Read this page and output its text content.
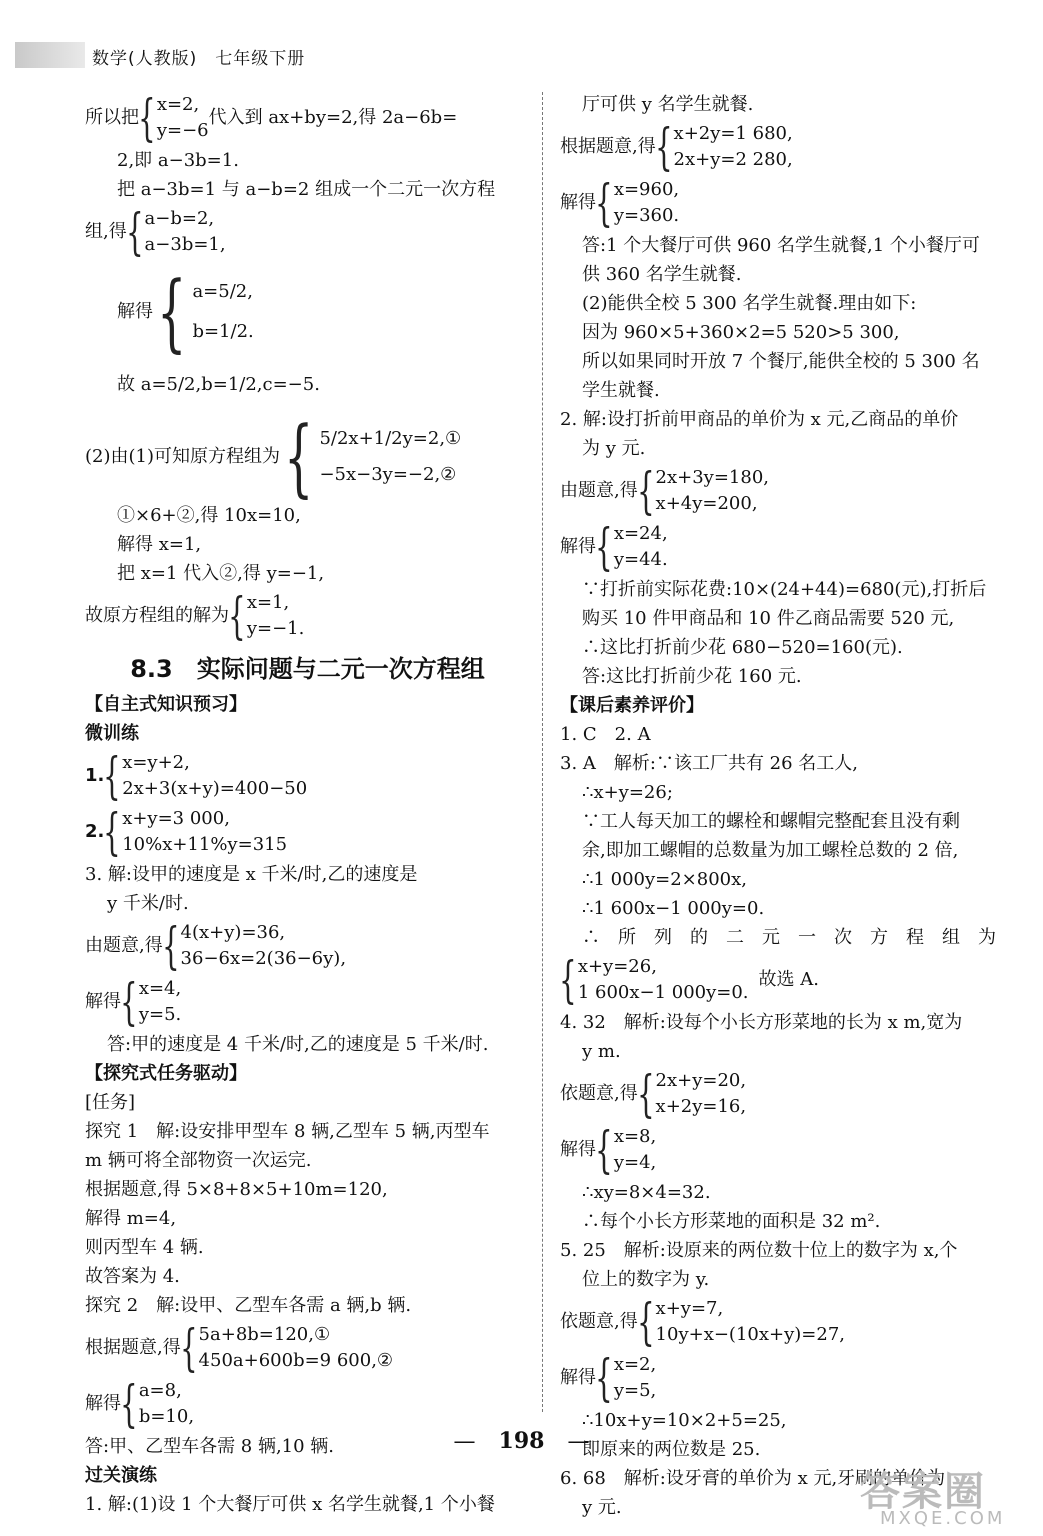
数学(人教版)　七年级下册
所以把 { x=2,
y=−6
代入到 ax+by=2,得 2a−6b=
2,即 a−3b=1.
把 a−3b=1 与 a−b=2 组成一个二元一次方程
组,得 { a−b=2,
a−3b=1,
解得 { a=5/2,
b=1/2.
故 a=5/2,b=1/2,c=−5.
(2)由(1)可知原方程组为 { 5/2x+1/2y=2,①
−5x−3y=−2,②
①×6+②,得 10x=10,
解得 x=1,
把 x=1 代入②,得 y=−1,
故原方程组的解为 { x=1,
y=−1.
8.3　实际问题与二元一次方程组
【自主式知识预习】
微训练
1. { x=y+2,
2x+3(x+y)=400−50
2. { x+y=3 000,
10%x+11%y=315
3. 解:设甲的速度是 x 千米/时,乙的速度是
y 千米/时.
由题意,得 { 4(x+y)=36,
36−6x=2(36−6y),
解得 { x=4,
y=5.
答:甲的速度是 4 千米/时,乙的速度是 5 千米/时.
【探究式任务驱动】
[任务]
探究 1　解:设安排甲型车 8 辆,乙型车 5 辆,丙型车
m 辆可将全部物资一次运完.
根据题意,得 5×8+8×5+10m=120,
解得 m=4,
则丙型车 4 辆.
故答案为 4.
探究 2　解:设甲、乙型车各需 a 辆,b 辆.
根据题意,得 { 5a+8b=120,①
450a+600b=9 600,②
解得 { a=8,
b=10,
答:甲、乙型车各需 8 辆,10 辆.
过关演练
1. 解:(1)设 1 个大餐厅可供 x 名学生就餐,1 个小餐
厅可供 y 名学生就餐.
根据题意,得 { x+2y=1 680,
2x+y=2 280,
解得 { x=960,
y=360.
答:1 个大餐厅可供 960 名学生就餐,1 个小餐厅可
供 360 名学生就餐.
(2)能供全校 5 300 名学生就餐.理由如下:
因为 960×5+360×2=5 520>5 300,
所以如果同时开放 7 个餐厅,能供全校的 5 300 名
学生就餐.
2. 解:设打折前甲商品的单价为 x 元,乙商品的单价
为 y 元.
由题意,得 { 2x+3y=180,
x+4y=200,
解得 { x=24,
y=44.
∵打折前实际花费:10×(24+44)=680(元),打折后
购买 10 件甲商品和 10 件乙商品需要 520 元,
∴这比打折前少花 680−520=160(元).
答:这比打折前少花 160 元.
【课后素养评价】
1. C　2. A
3. A　解析:∵该工厂共有 26 名工人,
∴x+y=26;
∵工人每天加工的螺栓和螺帽完整配套且没有剩
余,即加工螺帽的总数量为加工螺栓总数的 2 倍,
∴1 000y=2×800x,
∴1 600x−1 000y=0.
∴　所　列　的　二　元　一　次　方　程　组　为
{ x+y=26,
1 600x−1 000y=0.
故选 A.
4. 32　解析:设每个小长方形菜地的长为 x m,宽为
y m.
依题意,得 { 2x+y=20,
x+2y=16,
解得 { x=8,
y=4,
∴xy=8×4=32.
∴每个小长方形菜地的面积是 32 m².
5. 25　解析:设原来的两位数十位上的数字为 x,个
位上的数字为 y.
依题意,得 { x+y=7,
10y+x−(10x+y)=27,
解得 { x=2,
y=5,
∴10x+y=10×2+5=25,
即原来的两位数是 25.
6. 68　解析:设牙膏的单价为 x 元,牙刷的单价为
y 元.
— 198 —
答案圈
MXQE.COM
